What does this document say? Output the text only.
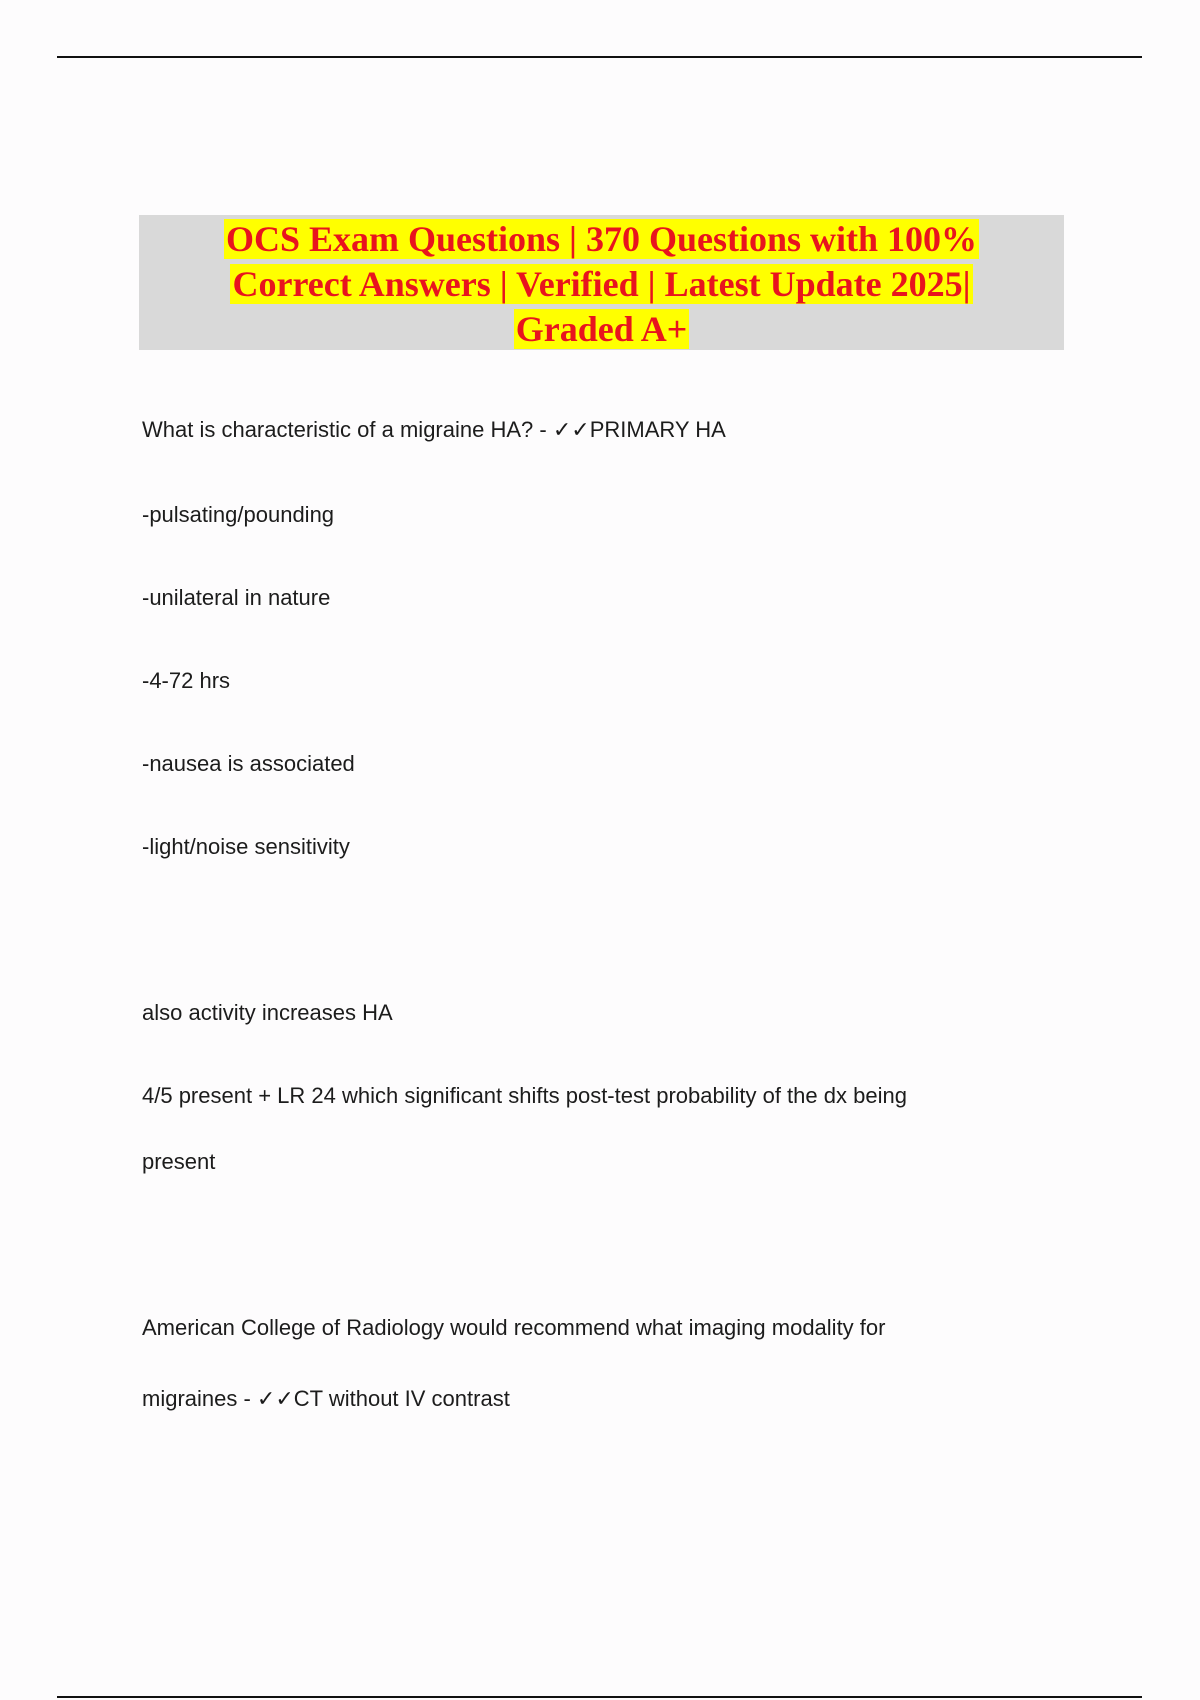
OCS Exam Questions | 370 Questions with 100%
Correct Answers | Verified | Latest Update 2025|
Graded A+
What is characteristic of a migraine HA? - ✓✓PRIMARY HA
-pulsating/pounding
-unilateral in nature
-4-72 hrs
-nausea is associated
-light/noise sensitivity
also activity increases HA
4/5 present + LR 24 which significant shifts post-test probability of the dx being
present
American College of Radiology would recommend what imaging modality for
migraines - ✓✓CT without IV contrast
